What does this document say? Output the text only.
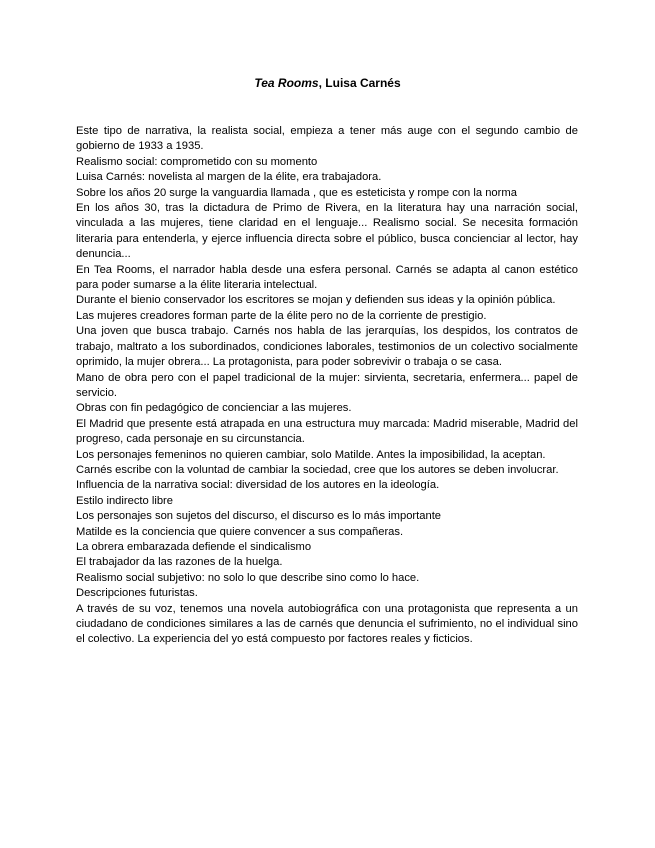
Tea Rooms, Luisa Carnés

Este tipo de narrativa, la realista social, empieza a tener más auge con el segundo cambio de gobierno de 1933 a 1935.

Realismo social: comprometido con su momento

Luisa Carnés: novelista al margen de la élite, era trabajadora.

Sobre los años 20 surge la vanguardia llamada , que es esteticista y rompe con la norma

En los años 30, tras la dictadura de Primo de Rivera, en la literatura hay una narración social, vinculada a las mujeres, tiene claridad en el lenguaje... Realismo social. Se necesita formación literaria para entenderla, y ejerce influencia directa sobre el público, busca concienciar al lector, hay denuncia...

En Tea Rooms, el narrador habla desde una esfera personal. Carnés se adapta al canon estético para poder sumarse a la élite literaria intelectual.

Durante el bienio conservador los escritores se mojan y defienden sus ideas y la opinión pública.

Las mujeres creadores forman parte de la élite pero no de la corriente de prestigio.

Una joven que busca trabajo. Carnés nos habla de las jerarquías, los despidos, los contratos de trabajo, maltrato a los subordinados, condiciones laborales, testimonios de un colectivo socialmente oprimido, la mujer obrera... La protagonista, para poder sobrevivir o trabaja o se casa.

Mano de obra pero con el papel tradicional de la mujer: sirvienta, secretaria, enfermera... papel de servicio.

Obras con fin pedagógico de concienciar a las mujeres.

El Madrid que presente está atrapada en una estructura muy marcada: Madrid miserable, Madrid del progreso, cada personaje en su circunstancia.

Los personajes femeninos no quieren cambiar, solo Matilde. Antes la imposibilidad, la aceptan.

Carnés escribe con la voluntad de cambiar la sociedad, cree que los autores se deben involucrar.

Influencia de la narrativa social: diversidad de los autores en la ideología.

Estilo indirecto libre

Los personajes son sujetos del discurso, el discurso es lo más importante

Matilde es la conciencia que quiere convencer a sus compañeras.

La obrera embarazada defiende el sindicalismo

El trabajador da las razones de la huelga.

Realismo social subjetivo: no solo lo que describe sino como lo hace.

Descripciones futuristas.

A través de su voz, tenemos una novela autobiográfica con una protagonista que representa a un ciudadano de condiciones similares a las de carnés que denuncia el sufrimiento, no el individual sino el colectivo. La experiencia del yo está compuesto por factores reales y ficticios.
